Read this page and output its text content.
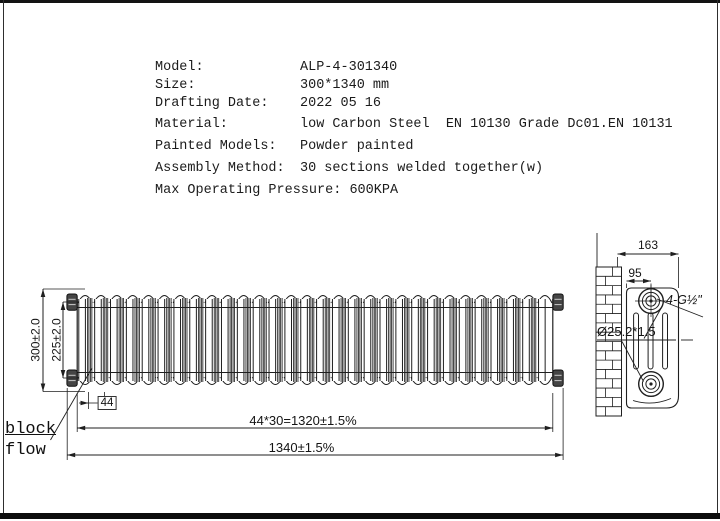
Model:	ALP-4-301340
Size:	300*1340 mm
Drafting Date:	2022 05 16
Material:	low Carbon Steel  EN 10130 Grade Dc01.EN 10131
Painted Models:	Powder painted
Assembly Method:	30 sections welded together(w)
Max Operating Pressure: 600KPA
300±2.0 225±2.0
44
44*30=1320±1.5%
1340±1.5%
163
95
Ø25.2*1.5
4-G½"
block
flow
